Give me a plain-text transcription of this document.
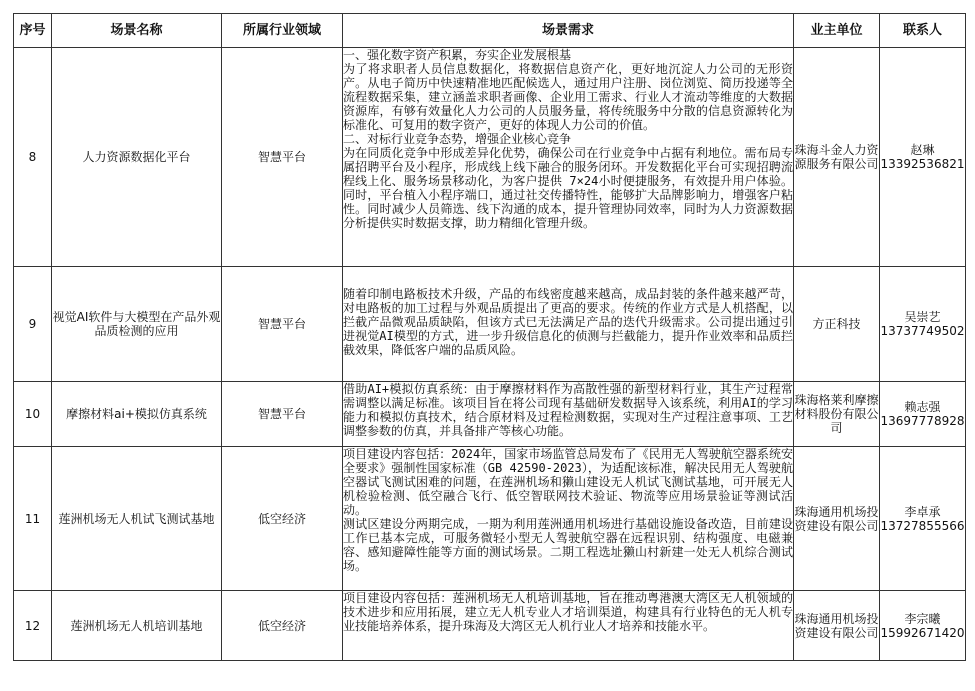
序号	场景名称	所属行业领域	场景需求	业主单位	联系人
8	人力资源数据化平台	智慧平台	一、强化数字资产积累，夯实企业发展根基
为了将求职者人员信息数据化，将数据信息资产化，更好地沉淀人力公司的无形资产。从电子简历中快速精准地匹配候选人，通过用户注册、岗位浏览、简历投递等全流程数据采集，建立涵盖求职者画像、企业用工需求、行业人才流动等维度的大数据资源库，有够有效量化人力公司的人员服务量，将传统服务中分散的信息资源转化为标准化、可复用的数字资产，更好的体现人力公司的价值。
二、对标行业竞争态势，增强企业核心竞争
为在同质化竞争中形成差异化优势，确保公司在行业竞争中占据有利地位。需布局专属招聘平台及小程序，形成线上线下融合的服务闭环。开发数据化平台可实现招聘流程线上化、服务场景移动化，为客户提供 7×24小时便捷服务，有效提升用户体验。同时，平台植入小程序端口，通过社交传播特性，能够扩大品牌影响力，增强客户粘性。同时减少人员筛选、线下沟通的成本，提升管理协同效率，同时为人力资源数据分析提供实时数据支撑，助力精细化管理升级。	珠海斗金人力资源服务有限公司	赵琳
13392536821

9	视觉AI软件与大模型在产品外观品质检测的应用	智慧平台	随着印制电路板技术升级，产品的布线密度越来越高，成品封装的条件越来越严苛，对电路板的加工过程与外观品质提出了更高的要求。传统的作业方式是人机搭配，以拦截产品微观品质缺陷，但该方式已无法满足产品的迭代升级需求。公司提出通过引进视觉AI模型的方式，进一步升级信息化的侦测与拦截能力，提升作业效率和品质拦截效果，降低客户端的品质风险。	方正科技	吴崇艺
13737749502

10	摩擦材料ai+模拟仿真系统	智慧平台	借助AI+模拟仿真系统：由于摩擦材料作为高散性强的新型材料行业，其生产过程常需调整以满足标准。该项目旨在将公司现有基础研发数据导入该系统，利用AI的学习能力和模拟仿真技术，结合原材料及过程检测数据，实现对生产过程注意事项、工艺调整参数的仿真，并具备排产等核心功能。	珠海格莱利摩擦材料股份有限公司	赖志强
13697778928

11	莲洲机场无人机试飞测试基地	低空经济	项目建设内容包括：2024年，国家市场监管总局发布了《民用无人驾驶航空器系统安全要求》强制性国家标准（GB 42590-2023），为适配该标准，解决民用无人驾驶航空器试飞测试困难的问题，在莲洲机场和獭山建设无人机试飞测试基地，可开展无人机检验检测、低空融合飞行、低空智联网技术验证、物流等应用场景验证等测试活动。
测试区建设分两期完成，一期为利用莲洲通用机场进行基础设施设备改造，目前建设工作已基本完成，可服务微轻小型无人驾驶航空器在远程识别、结构强度、电磁兼容、感知避障性能等方面的测试场景。二期工程选址獭山村新建一处无人机综合测试场。	珠海通用机场投资建设有限公司	李卓承
13727855566

12	莲洲机场无人机培训基地	低空经济	项目建设内容包括：莲洲机场无人机培训基地，旨在推动粤港澳大湾区无人机领域的技术进步和应用拓展，建立无人机专业人才培训渠道，构建具有行业特色的无人机专业技能培养体系，提升珠海及大湾区无人机行业人才培养和技能水平。	珠海通用机场投资建设有限公司	李宗曦
15992671420
